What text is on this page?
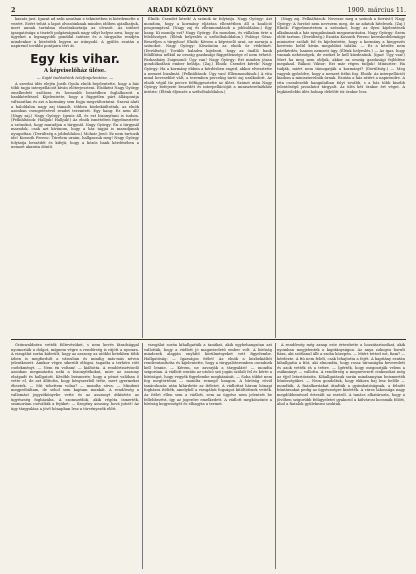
2	ARADI KÖZLÖNY	1909. március 11.

kaszás just. Igazat ad neki azonban e tekintetben is kiérdemelte a vezért. Ezért tehát a lapot olvasóinknak minden időben ajánlhatjuk, mert annak tartalma elszórakoztatja az olvasót. Az intézet igazgatósága a tisztelt polgárságnak nagy súlyt helyez arra, hogy az ügyeket a legnagyobb gonddal intézze és a tárgyalás rendjén mindenkor a közérdek legyen az irányadó. A gyűlés ezután a napirend további pontjaira tért át.

Egy kis vihar.
A képviselőház ülése.
— Saját tudósítónk telefonjelentése. —

A szerdai ülés elején Justh Gyula elnök bejelentette, hogy a ház több tagja interpellációt kíván előterjeszteni. Elsőként Nagy György emelkedett szólásra és hosszabb beszédben foglalkozott a bankkérdéssel. Kijelentette, hogy a független párt álláspontja változatlan és azt a kormány sem fogja megváltoztatni. Szavai alatt a baloldalon nagy zaj támadt, többen közbekiáltottak, az elnök azonban csengetésével rendet teremtett. Egy hang: Ez nem áll! (Nagy zaj.) Nagy György: Igenis áll, és ezt bizonyítani is tudom. (Felkiáltások: Halljuk! Halljuk!) Az elnök ismételten figyelmeztette a szónokot, hogy maradjon a tárgynál. Nagy György: Én a tárgynál maradok, csak azt kívánom, hogy a ház tagjai is maradjanak nyugodtan. (Derültség a jobboldalon.) Molnár Jenő: Ez nem tartozik ide! Kossuth Ferenc: Türelem uraim, hallgassuk meg! Nagy György folytatja beszédét és kifejti, hogy a közös bank kérdésében a nemzet akarata döntő.

Elnök: Csendet kérek! A szónok úr folytatja. Nagy György: Azt mondom, hogy a kormány eljárása ellentétben áll a koalíció programjával. (Nagy zaj és ellenmondások a jobboldalon.) Egy hang: Ki mondja ezt? Nagy György: Én mondom, és vállalom érte a felelősséget. (Élénk helyeslés a szélsőbaloldalon.) Polónyi Géza: Beszéljen a tárgyhoz! Elnök: Kérem a képviselő urat, ne zavarja a szónokot. Nagy György: Köszönöm az elnök úr védelmét. (Derültség.) Tovább haladva kijelenti, hogy az önálló bank felállítása nélkül az ország gazdasági függetlensége el nem érhető. Farkasházy Zsigmond: Úgy van! Nagy György: Ezt minden józan gondolkodású ember belátja. (Zaj.) Elnök: Csendet kérek! Nagy György: Ha a kormány ebben a kérdésben enged, akkor elvesztette a nemzet bizalmát. (Felkiáltások: Úgy van! Ellenmondások.) A vita mind hevesebbé vált, a teremben percekig tartó zaj uralkodott. Az elnök végül tíz percre felfüggesztette az ülést. Szünet után Nagy György befejezte beszédét és interpellációját a miniszterelnökhöz intézte. (Élénk éljenzés a szélsőbaloldalon.)

(Nagy zaj. Felkiáltások: Nevezze meg a szónok a forrást!) Nagy György: A forrást nem nevezem meg, de az adatok hitelesek. (Zaj.) Elnök: Figyelmeztetem a szónokot, hogy az ilyen kijelentések alkalmasak a ház nyugalmának megzavarására. Nagy György: Szem előtt tartom. (Derültség.) Ezután Kossuth Ferenc kereskedelemügyi miniszter szólalt fel és kijelentette, hogy a kormány a kiegyezés keretein belül kíván megoldást találni. — Ez a kérdés nem pártkérdés, hanem nemzeti ügy. (Élénk helyeslés.) — Az igaz, hogy vannak nehézségek, de ezeket le kell küzdenünk. (Igaz! Úgy van!) Mert ha meg nem oldjuk, akkor az ország gazdasági fejlődése megakad. Rákosi Viktor: Ezt már régen tudjuk! Miniszter: Ha tudják, miért nem támogatják a kormányt? (Derültség.) — Meg vagyok győződve, hogy a nemzet ítélni fog. Elnök: Az interpellációt kiadom a miniszterelnök úrnak. Ezután a ház rátért a napirendre. A vita csendesebb hangulatban folyt tovább, s a ház több kisebb jelentőségű javaslatot tárgyalt. Az ülés két órakor ért véget. A legközelebbi ülés holnap délelőtt tíz órakor lesz.

Grünwaldnéra vették föltevésüket, s nem kevés fáradsággal nyomozták a dolgot, mígnem végre a rendőrség is rájött a nyomra. A vizsgálat során kiderült, hogy az asszony az utóbbi hetekben több ízben is megfordult a városban és mindig más-más néven jelentkezett. Amikor végre sikerült elfogni, tagadta a terhére rótt cselekményt. — Nem én voltam! — kiáltotta. A rendőrtisztviselő azonban megmutatta neki a bizonyítékokat, mire az asszony elsápadt és hallgatott. Később beismerte, hogy a pénzt valóban ő vette el, de azt állította, hogy kényszerből tette, mert gyermekei éheztek. — Mit tehettem volna? — mondta sírva. — Mindent megpróbáltam, de sehol sem kaptam munkát. A rendőrség a vallomást jegyzőkönyvbe vette és az asszonyt átkísérte az ügyészség fogházába. A szomszédok, akik régóta ismerték, szomorúan csóválták a fejüket: — Szegény asszony, hová jutott! Az ügy tárgyalása a jövő hónapban lesz a törvényszék előtt.

vizsgálat során kihallgatták a tanúkat, akik egybehangzóan azt vallották, hogy a vádlott jó magaviseletű ember volt. A bíróság mindezek alapján enyhítő körülményeket vett figyelembe. Hallgatóság: — Igazságos ítélet! Az elnök a közbekiáltót rendreutasította és kijelentette, hogy a tárgyalóteremben csendnek kell lennie. — Kérem, ne zavarják a tárgyalást! — mondta szigorúan. A vádlott ezután az utolsó szó jogán szólalt fel és kérte a bíróságot, hogy vegyék figyelembe megbánását. — Soha többé nem fog megtörténni — mondta remegő hangon. A bíróság rövid tanácskozás után kihirdette az ítéletet. A vádlottat három hónapi fogházra ítélték, amelyből a vizsgálati fogságot kitöltöttnek vették. Az ítélet ellen sem a vádlott, sem az ügyész nem jelentett be fellebbezést, így az jogerőre emelkedett. A vádlott megköszönte a bíróság kegyességét és elhagyta a termet.

A rendőrség még aznap este értesítette a hozzátartozókat, akik nyomban megjelentek a kapitányságon. Az anya zokogva borult fiára, aki szótlanul állt a szoba közepén. — Miért tetted ezt, fiam? — kérdezte. A fiú nem felelt, csak lehajtotta a fejét. A kapitány ezután kihallgatta a fiút, aki elmondta, hogy rossz társaságba keveredett és azok vették rá a tettre. — Ígérték, hogy megosztják velem a zsákmányt — vallotta. A rendőrség a megnevezett cinkosokat még az éjjel letartóztatta. Kihallgatásuk során mindannyian beismerték bűnösségüket. — Nem gondoltuk, hogy ekkora baj lesz belőle — mondták. A fiatalkorúakat átadták a gyámhatóságnak, a felnőtt bűntársakat pedig az ügyészségre kísérték. A város lakossága nagy megdöbbenéssel értesült az esetről. A tanács elhatározta, hogy a jövőben szigorúbb felügyeletet gyakorol a külvárosi kocsmák fölött, ahol a fiatalok gyülekezni szoktak.
